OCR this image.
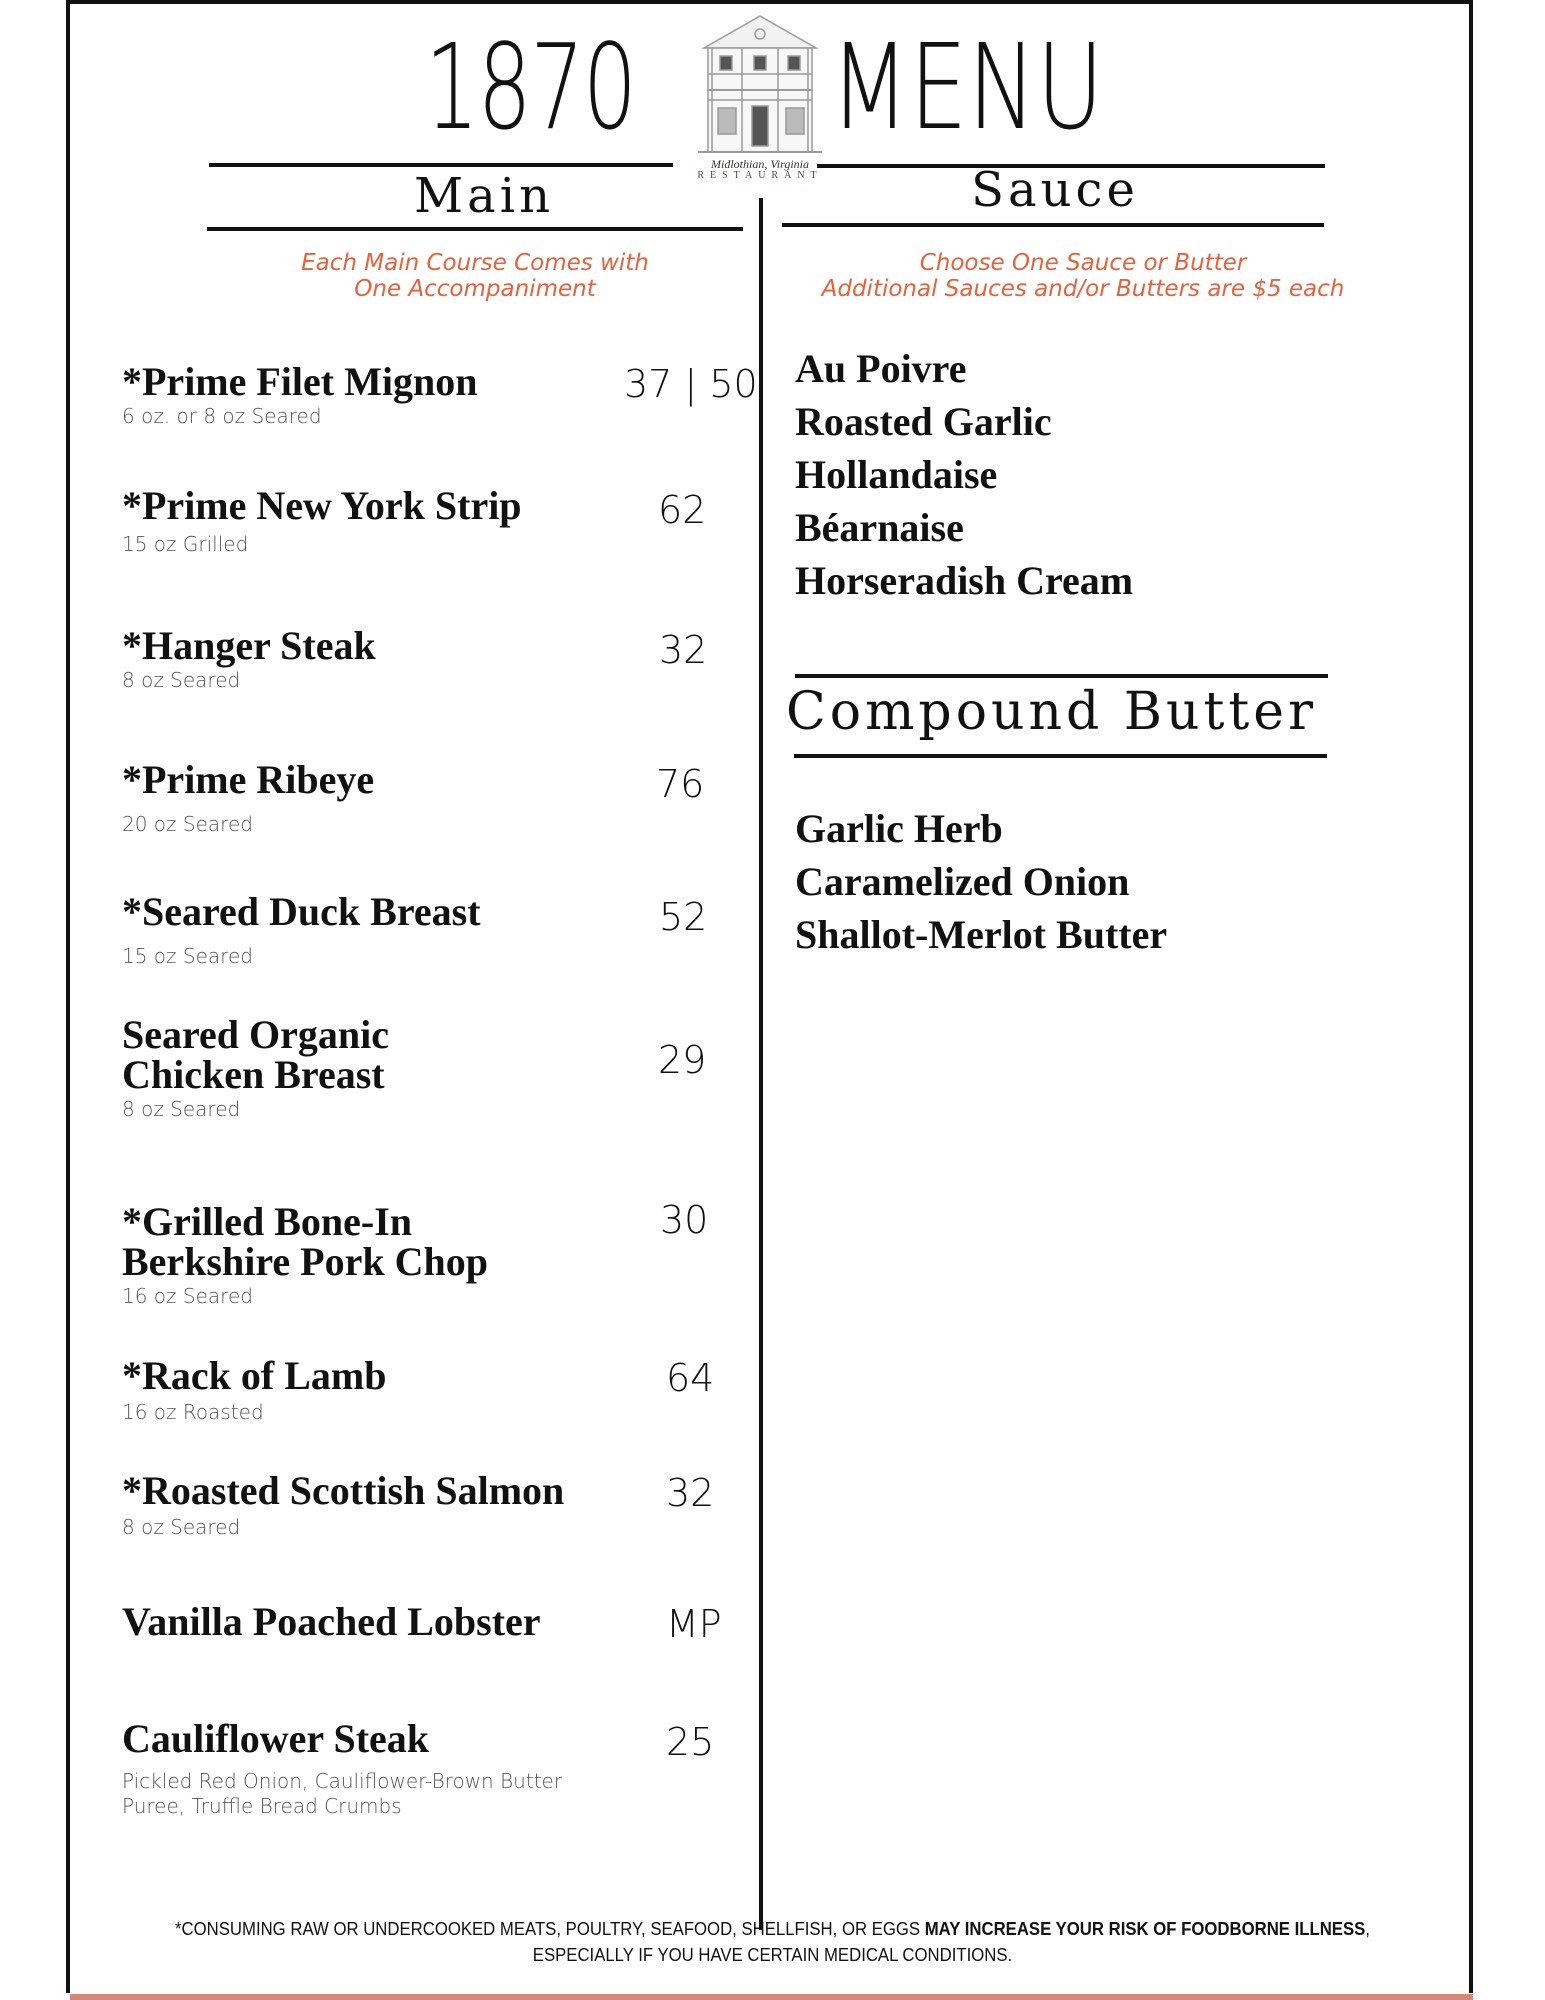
1870
Midlothian, Virginia
RESTAURANT
MENU
Main	Sauce
Each Main Course Comes with
One Accompaniment
Choose One Sauce or Butter
Additional Sauces and/or Butters are $5 each
*Prime Filet Mignon
6 oz. or 8 oz Seared
37 | 50
*Prime New York Strip
15 oz Grilled
62
*Hanger Steak
8 oz Seared
32
*Prime Ribeye
20 oz Seared
76
*Seared Duck Breast
15 oz Seared
52
Seared Organic
Chicken Breast
8 oz Seared
29
*Grilled Bone-In
Berkshire Pork Chop
16 oz Seared
30
*Rack of Lamb
16 oz Roasted
64
*Roasted Scottish Salmon
8 oz Seared
32
Vanilla Poached Lobster	MP
Cauliflower Steak
Pickled Red Onion, Cauliflower-Brown Butter
Puree, Truffle Bread Crumbs
25
Au Poivre
Roasted Garlic
Hollandaise
Béarnaise
Horseradish Cream
Compound Butter
Garlic Herb
Caramelized Onion
Shallot-Merlot Butter
*CONSUMING RAW OR UNDERCOOKED MEATS, POULTRY, SEAFOOD, SHELLFISH, OR EGGS MAY INCREASE YOUR RISK OF FOODBORNE ILLNESS, ESPECIALLY IF YOU HAVE CERTAIN MEDICAL CONDITIONS.
